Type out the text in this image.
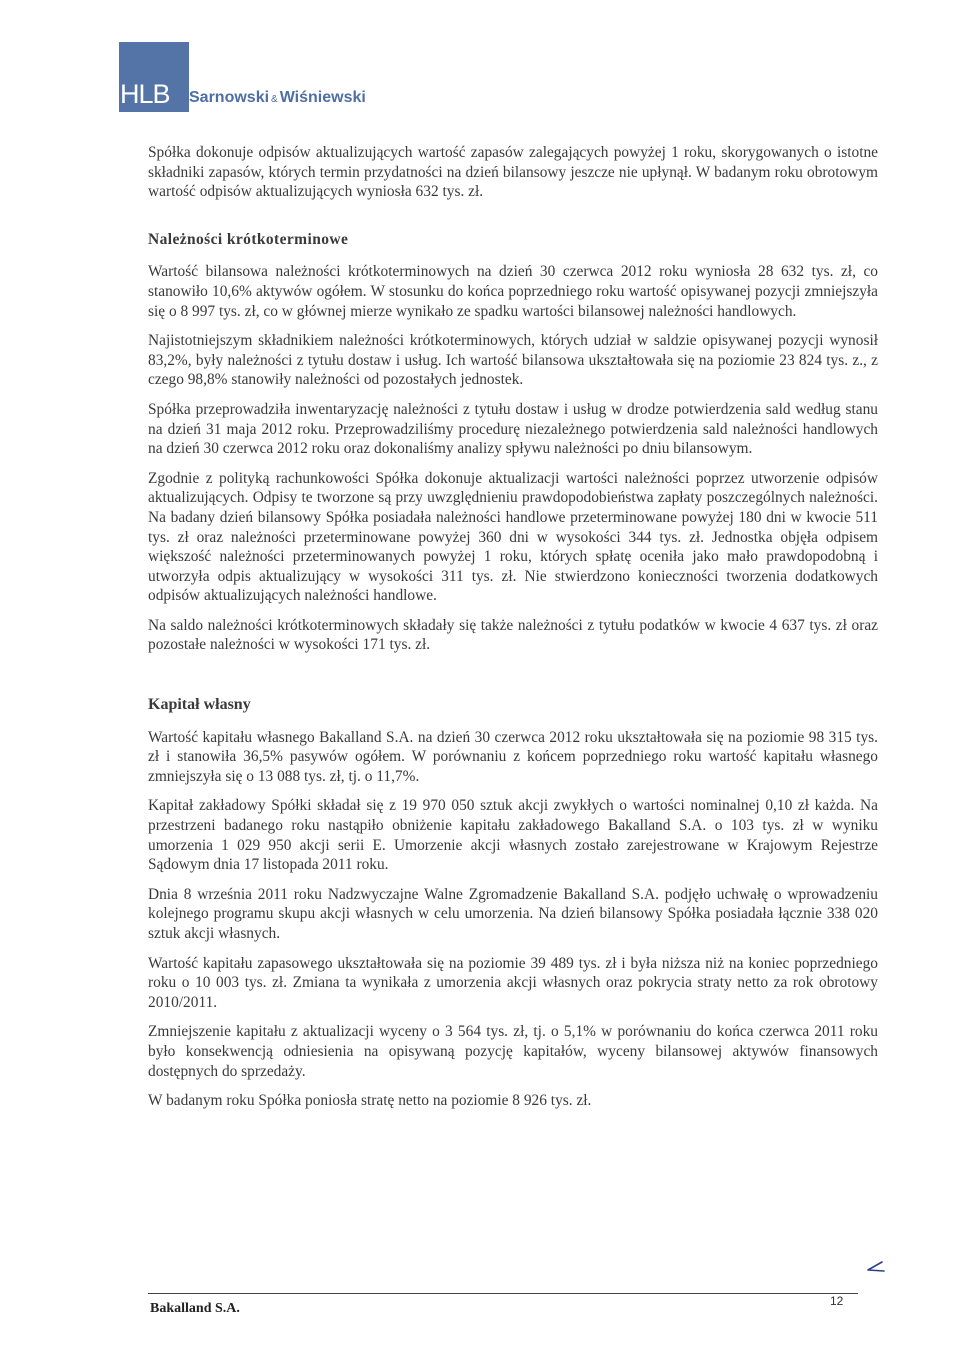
HLB Sarnowski & Wiśniewski

Spółka dokonuje odpisów aktualizujących wartość zapasów zalegających powyżej 1 roku, skorygowanych o istotne składniki zapasów, których termin przydatności na dzień bilansowy jeszcze nie upłynął. W badanym roku obrotowym wartość odpisów aktualizujących wyniosła 632 tys. zł.

Należności krótkoterminowe

Wartość bilansowa należności krótkoterminowych na dzień 30 czerwca 2012 roku wyniosła 28 632 tys. zł, co stanowiło 10,6% aktywów ogółem. W stosunku do końca poprzedniego roku wartość opisywanej pozycji zmniejszyła się o 8 997 tys. zł, co w głównej mierze wynikało ze spadku wartości bilansowej należności handlowych.

Najistotniejszym składnikiem należności krótkoterminowych, których udział w saldzie opisywanej pozycji wynosił 83,2%, były należności z tytułu dostaw i usług. Ich wartość bilansowa ukształtowała się na poziomie 23 824 tys. z., z czego 98,8% stanowiły należności od pozostałych jednostek.

Spółka przeprowadziła inwentaryzację należności z tytułu dostaw i usług w drodze potwierdzenia sald według stanu na dzień 31 maja 2012 roku. Przeprowadziliśmy procedurę niezależnego potwierdzenia sald należności handlowych na dzień 30 czerwca 2012 roku oraz dokonaliśmy analizy spływu należności po dniu bilansowym.

Zgodnie z polityką rachunkowości Spółka dokonuje aktualizacji wartości należności poprzez utworzenie odpisów aktualizujących. Odpisy te tworzone są przy uwzględnieniu prawdopodobieństwa zapłaty poszczególnych należności. Na badany dzień bilansowy Spółka posiadała należności handlowe przeterminowane powyżej 180 dni w kwocie 511 tys. zł oraz należności przeterminowane powyżej 360 dni w wysokości 344 tys. zł. Jednostka objęła odpisem większość należności przeterminowanych powyżej 1 roku, których spłatę oceniła jako mało prawdopodobną i utworzyła odpis aktualizujący w wysokości 311 tys. zł. Nie stwierdzono konieczności tworzenia dodatkowych odpisów aktualizujących należności handlowe.

Na saldo należności krótkoterminowych składały się także należności z tytułu podatków w kwocie 4 637 tys. zł oraz pozostałe należności w wysokości 171 tys. zł.

Kapitał własny

Wartość kapitału własnego Bakalland S.A. na dzień 30 czerwca 2012 roku ukształtowała się na poziomie 98 315 tys. zł i stanowiła 36,5% pasywów ogółem. W porównaniu z końcem poprzedniego roku wartość kapitału własnego zmniejszyła się o 13 088 tys. zł, tj. o 11,7%.

Kapitał zakładowy Spółki składał się z 19 970 050 sztuk akcji zwykłych o wartości nominalnej 0,10 zł każda. Na przestrzeni badanego roku nastąpiło obniżenie kapitału zakładowego Bakalland S.A. o 103 tys. zł w wyniku umorzenia 1 029 950 akcji serii E. Umorzenie akcji własnych zostało zarejestrowane w Krajowym Rejestrze Sądowym dnia 17 listopada 2011 roku.

Dnia 8 września 2011 roku Nadzwyczajne Walne Zgromadzenie Bakalland S.A. podjęło uchwałę o wprowadzeniu kolejnego programu skupu akcji własnych w celu umorzenia. Na dzień bilansowy Spółka posiadała łącznie 338 020 sztuk akcji własnych.

Wartość kapitału zapasowego ukształtowała się na poziomie 39 489 tys. zł i była niższa niż na koniec poprzedniego roku o 10 003 tys. zł. Zmiana ta wynikała z umorzenia akcji własnych oraz pokrycia straty netto za rok obrotowy 2010/2011.

Zmniejszenie kapitału z aktualizacji wyceny o 3 564 tys. zł, tj. o 5,1% w porównaniu do końca czerwca 2011 roku było konsekwencją odniesienia na opisywaną pozycję kapitałów, wyceny bilansowej aktywów finansowych dostępnych do sprzedaży.

W badanym roku Spółka poniosła stratę netto na poziomie 8 926 tys. zł.

Bakalland S.A.	12
